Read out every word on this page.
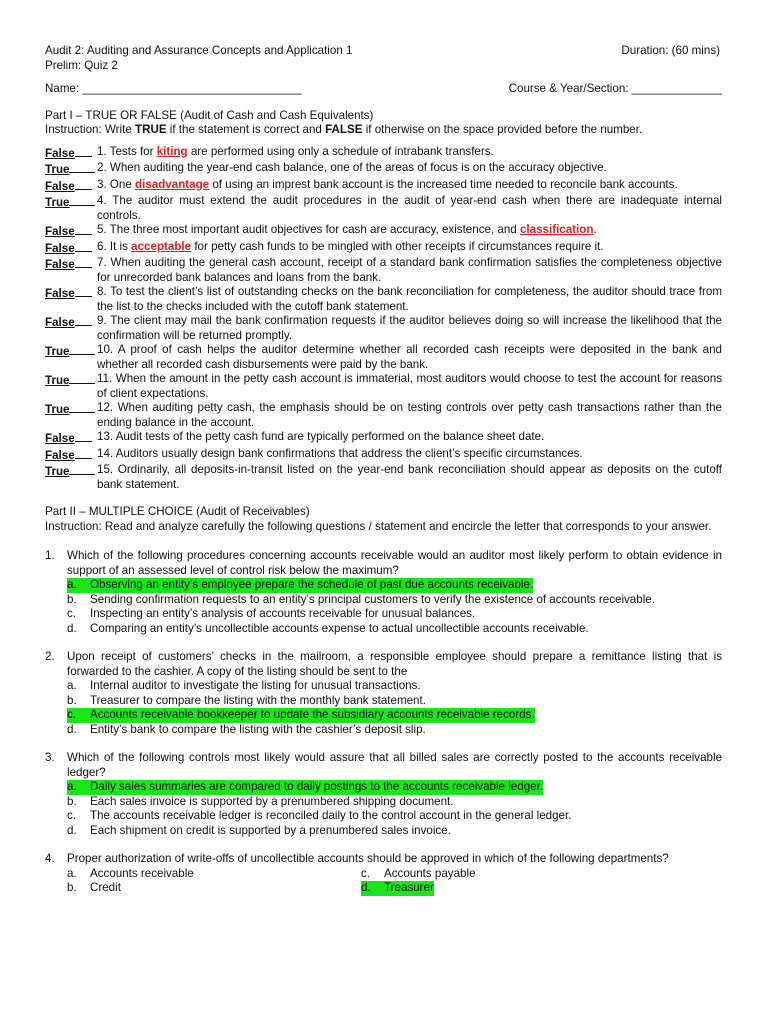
Audit 2: Auditing and Assurance Concepts and Application 1	Duration: (60 mins)
Prelim: Quiz 2
Name: __________________________________	Course & Year/Section: ______________
Part I – TRUE OR FALSE (Audit of Cash and Cash Equivalents)
Instruction: Write TRUE if the statement is correct and FALSE if otherwise on the space provided before the number.
False	1. Tests for kiting are performed using only a schedule of intrabank transfers.
True	2. When auditing the year-end cash balance, one of the areas of focus is on the accuracy objective.
False	3. One disadvantage of using an imprest bank account is the increased time needed to reconcile bank accounts.
True	4. The auditor must extend the audit procedures in the audit of year-end cash when there are inadequate internal controls.
False	5. The three most important audit objectives for cash are accuracy, existence, and classification.
False	6. It is acceptable for petty cash funds to be mingled with other receipts if circumstances require it.
False	7. When auditing the general cash account, receipt of a standard bank confirmation satisfies the completeness objective for unrecorded bank balances and loans from the bank.
False	8. To test the client’s list of outstanding checks on the bank reconciliation for completeness, the auditor should trace from the list to the checks included with the cutoff bank statement.
False	9. The client may mail the bank confirmation requests if the auditor believes doing so will increase the likelihood that the confirmation will be returned promptly.
True	10. A proof of cash helps the auditor determine whether all recorded cash receipts were deposited in the bank and whether all recorded cash disbursements were paid by the bank.
True	11. When the amount in the petty cash account is immaterial, most auditors would choose to test the account for reasons of client expectations.
True	12. When auditing petty cash, the emphasis should be on testing controls over petty cash transactions rather than the ending balance in the account.
False	13. Audit tests of the petty cash fund are typically performed on the balance sheet date.
False	14. Auditors usually design bank confirmations that address the client’s specific circumstances.
True	15. Ordinarily, all deposits-in-transit listed on the year-end bank reconciliation should appear as deposits on the cutoff bank statement.
Part II – MULTIPLE CHOICE (Audit of Receivables)

Instruction: Read and analyze carefully the following questions / statement and encircle the letter that corresponds to your answer.

1.	Which of the following procedures concerning accounts receivable would an auditor most likely perform to obtain evidence in support of an assessed level of control risk below the maximum?

a.	Observing an entity’s employee prepare the schedule of past due accounts receivable.
b.	Sending confirmation requests to an entity’s principal customers to verify the existence of accounts receivable.
c.	Inspecting an entity’s analysis of accounts receivable for unusual balances.
d.	Comparing an entity’s uncollectible accounts expense to actual uncollectible accounts receivable.
2.	Upon receipt of customers’ checks in the mailroom, a responsible employee should prepare a remittance listing that is forwarded to the cashier. A copy of the listing should be sent to the

a.	Internal auditor to investigate the listing for unusual transactions.
b.	Treasurer to compare the listing with the monthly bank statement.
c.	Accounts receivable bookkeeper to update the subsidiary accounts receivable records.
d.	Entity’s bank to compare the listing with the cashier’s deposit slip.
3.	Which of the following controls most likely would assure that all billed sales are correctly posted to the accounts receivable ledger?

a.	Daily sales summaries are compared to daily postings to the accounts receivable ledger.
b.	Each sales invoice is supported by a prenumbered shipping document.
c.	The accounts receivable ledger is reconciled daily to the control account in the general ledger.
d.	Each shipment on credit is supported by a prenumbered sales invoice.
4.	Proper authorization of write-offs of uncollectible accounts should be approved in which of the following departments?

a.	Accounts receivable	c.	Accounts payable
b.	Credit	d.	Treasurer
